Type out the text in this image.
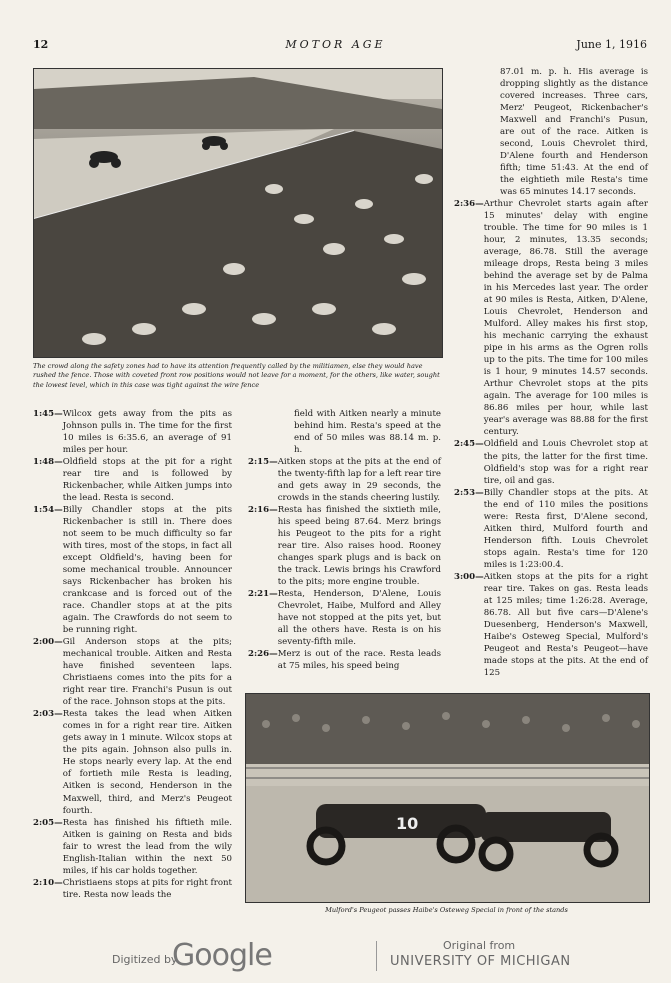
12	MOTOR AGE	June 1, 1916
The crowd along the safety zones had to have its attention frequently called by the militiamen, else they would have rushed the fence. Those with coveted front row positions would not leave for a moment, for the others, like water, sought the lowest level, which in this case was tight against the wire fence
1:45— Wilcox gets away from the pits as Johnson pulls in. The time for the first 10 miles is 6:35.6, an average of 91 miles per hour.
1:48— Oldfield stops at the pit for a right rear tire and is followed by Rickenbacher, while Aitken jumps into the lead. Resta is second.
1:54— Billy Chandler stops at the pits Rickenbacher is still in. There does not seem to be much difficulty so far with tires, most of the stops, in fact all except Oldfield's, having been for some mechanical trouble. Announcer says Rickenbacher has broken his crankcase and is forced out of the race. Chandler stops at at the pits again. The Crawfords do not seem to be running right.
2:00— Gil Anderson stops at the pits; mechanical trouble. Aitken and Resta have finished seventeen laps. Christiaens comes into the pits for a right rear tire. Franchi's Pusun is out of the race. Johnson stops at the pits.
2:03— Resta takes the lead when Aitken comes in for a right rear tire. Aitken gets away in 1 minute. Wilcox stops at the pits again. Johnson also pulls in. He stops nearly every lap. At the end of fortieth mile Resta is leading, Aitken is second, Henderson in the Maxwell, third, and Merz's Peugeot fourth.
2:05— Resta has finished his fiftieth mile. Aitken is gaining on Resta and bids fair to wrest the lead from the wily English-Italian within the next 50 miles, if his car holds together.
2:10— Christiaens stops at pits for right front tire. Resta now leads the

field with Aitken nearly a minute behind him. Resta's speed at the end of 50 miles was 88.14 m. p. h.

2:15— Aitken stops at the pits at the end of the twenty-fifth lap for a left rear tire and gets away in 29 seconds, the crowds in the stands cheering lustily.
2:16— Resta has finished the sixtieth mile, his speed being 87.64. Merz brings his Peugeot to the pits for a right rear tire. Also raises hood. Rooney changes spark plugs and is back on the track. Lewis brings his Crawford to the pits; more engine trouble.
2:21— Resta, Henderson, D'Alene, Louis Chevrolet, Haibe, Mulford and Alley have not stopped at the pits yet, but all the others have. Resta is on his seventy-fifth mile.
2:26— Merz is out of the race. Resta leads at 75 miles, his speed being

87.01 m. p. h. His average is dropping slightly as the distance covered increases. Three cars, Merz' Peugeot, Rickenbacher's Maxwell and Franchi's Pusun, are out of the race. Aitken is second, Louis Chevrolet third, D'Alene fourth and Henderson fifth; time 51:43. At the end of the eightieth mile Resta's time was 65 minutes 14.17 seconds.

2:36— Arthur Chevrolet starts again after 15 minutes' delay with engine trouble. The time for 90 miles is 1 hour, 2 minutes, 13.35 seconds; average, 86.78. Still the average mileage drops, Resta being 3 miles behind the average set by de Palma in his Mercedes last year. The order at 90 miles is Resta, Aitken, D'Alene, Louis Chevrolet, Henderson and Mulford. Alley makes his first stop, his mechanic carrying the exhaust pipe in his arms as the Ogren rolls up to the pits. The time for 100 miles is 1 hour, 9 minutes 14.57 seconds. Arthur Chevrolet stops at the pits again. The average for 100 miles is 86.86 miles per hour, while last year's average was 88.88 for the first century.
2:45— Oldfield and Louis Chevrolet stop at the pits, the latter for the first time. Oldfield's stop was for a right rear tire, oil and gas.
2:53— Billy Chandler stops at the pits. At the end of 110 miles the positions were: Resta first, D'Alene second, Aitken third, Mulford fourth and Henderson fifth. Louis Chevrolet stops again. Resta's time for 120 miles is 1:23:00.4.
3:00— Aitken stops at the pits for a right rear tire. Takes on gas. Resta leads at 125 miles; time 1:26:28. Average, 86.78. All but five cars—D'Alene's Duesenberg, Henderson's Maxwell, Haibe's Osteweg Special, Mulford's Peugeot and Resta's Peugeot—have made stops at the pits. At the end of 125
10
Mulford's Peugeot passes Haibe's Osteweg Special in front of the stands
Digitized by
Google	Original from
UNIVERSITY OF MICHIGAN
